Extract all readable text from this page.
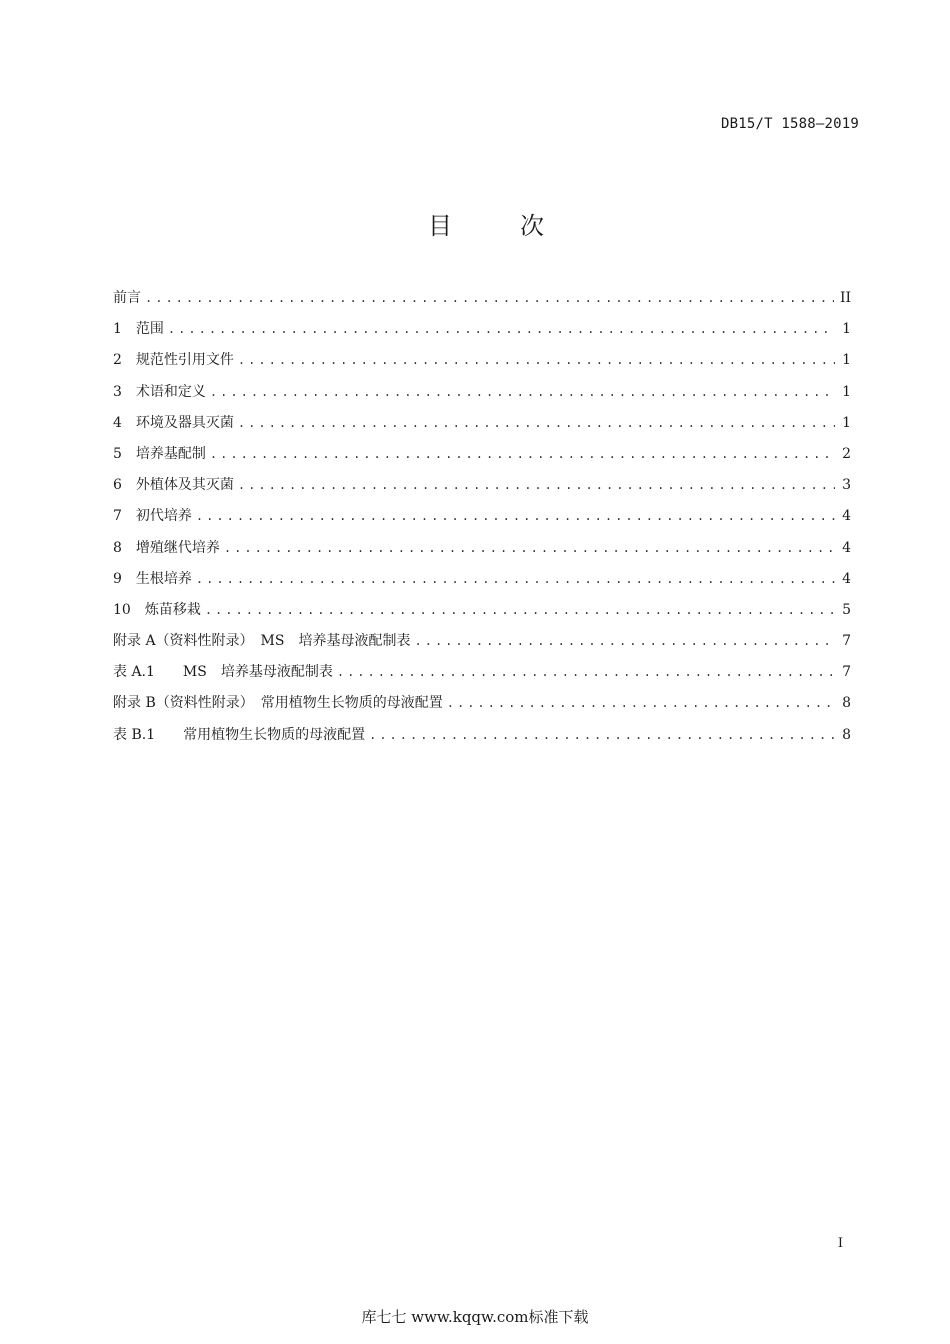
DB15/T 1588—2019
目　次
前言 .....	II
1　范围 .....	1
2　规范性引用文件 .....	1
3　术语和定义 .....	1
4　环境及器具灭菌 .....	1
5　培养基配制 .....	2
6　外植体及其灭菌 .....	3
7　初代培养 .....	4
8　增殖继代培养 .....	4
9　生根培养 .....	4
10　炼苗移栽 .....	5
附录 A（资料性附录）　MS　培养基母液配制表 .....	7
表 A.1　　MS　培养基母液配制表 .....	7
附录 B（资料性附录）　常用植物生长物质的母液配置 .....	8
表 B.1　　常用植物生长物质的母液配置 .....	8
I
库七七 www.kqqw.com标准下载
